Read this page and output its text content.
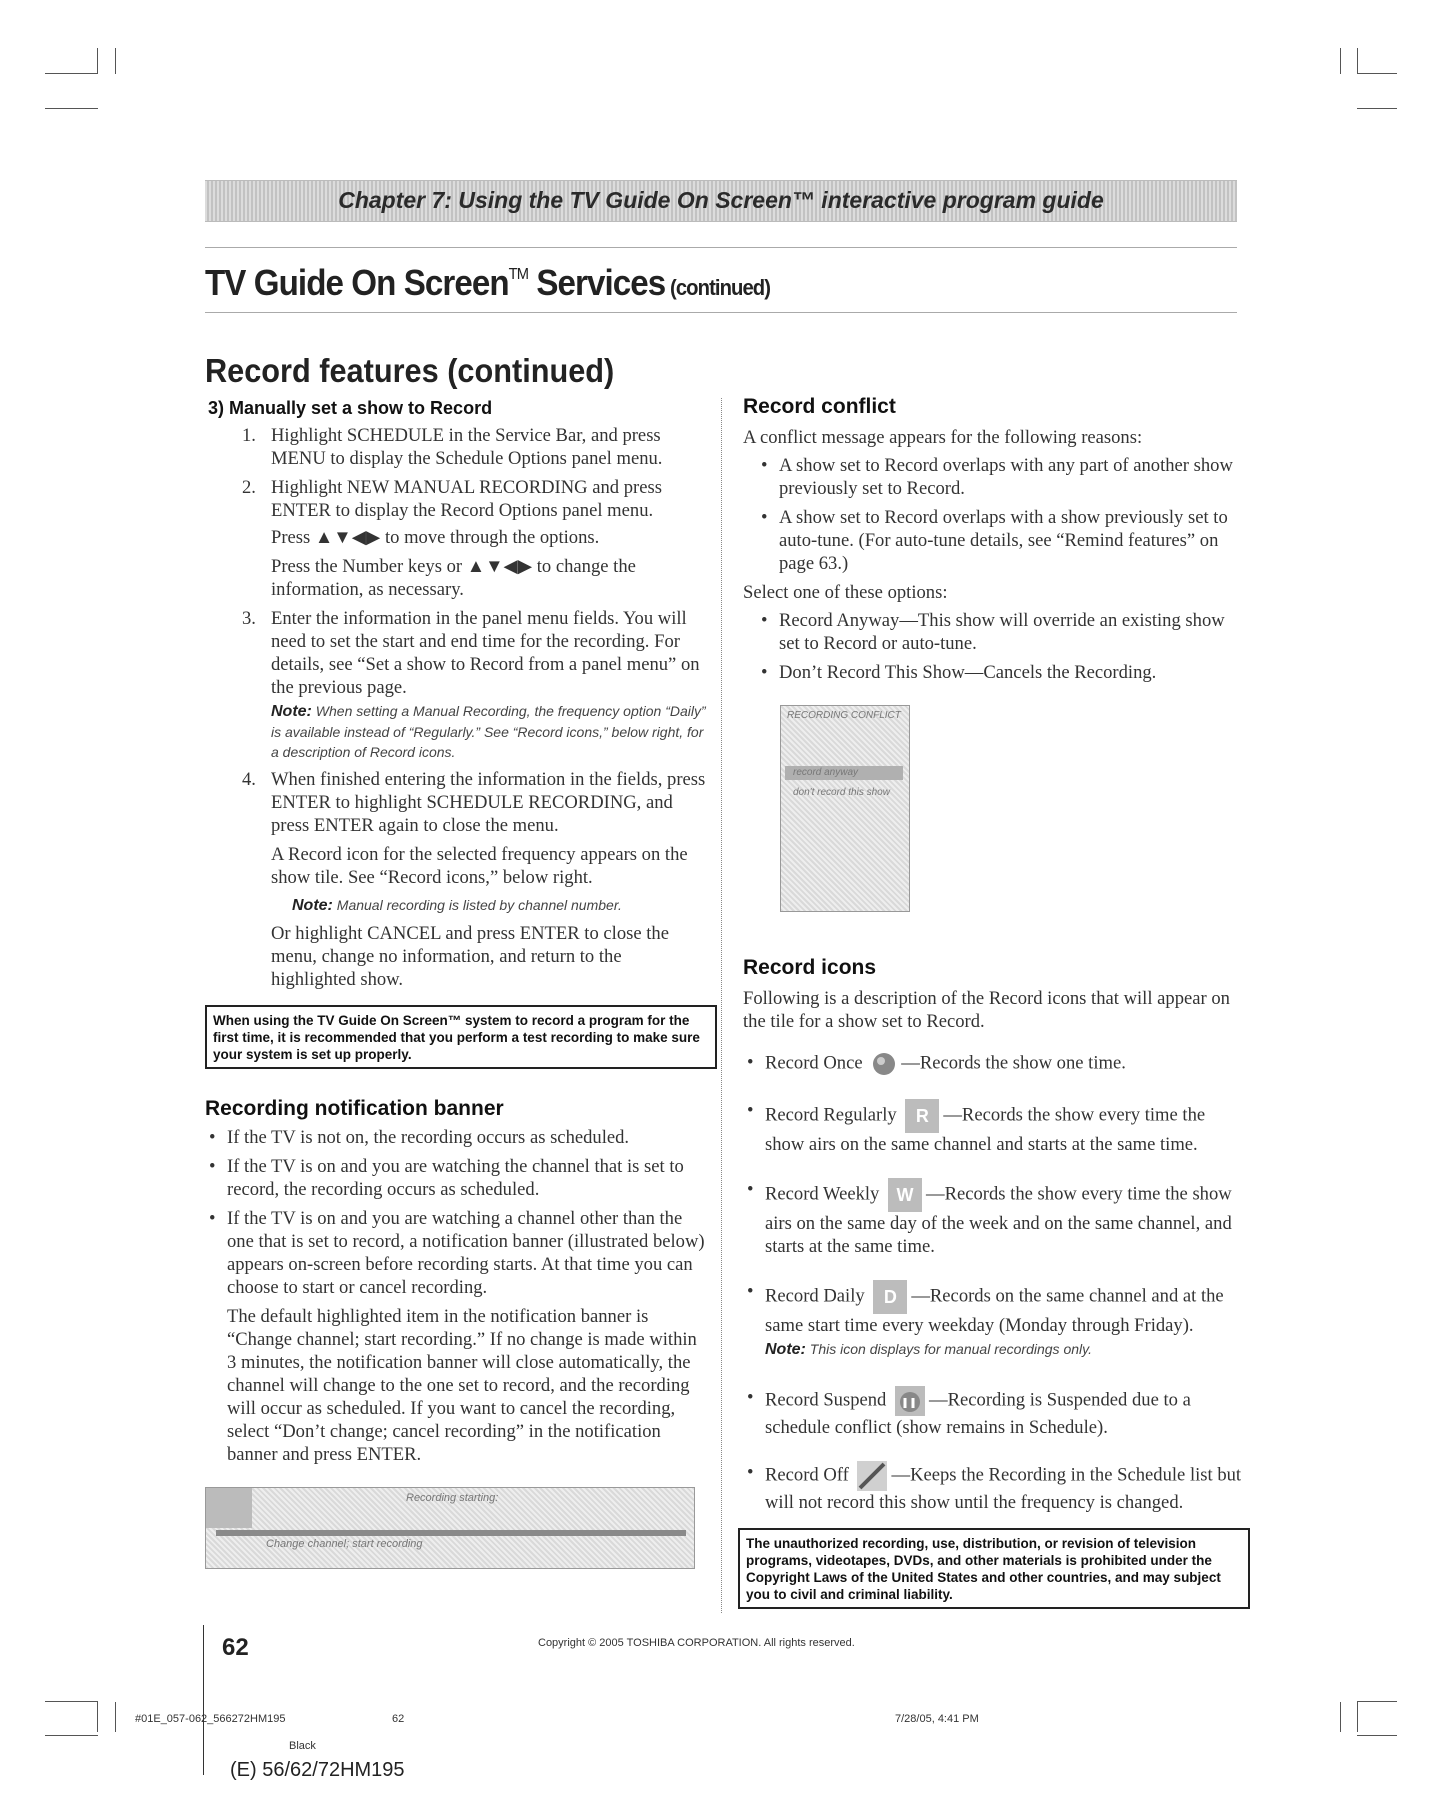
Chapter 7: Using the TV Guide On Screen™ interactive program guide
TV Guide On Screen™ Services (continued)
Record features (continued)

3) Manually set a show to Record

1. Highlight SCHEDULE in the Service Bar, and press MENU to display the Schedule Options panel menu.
2. Highlight NEW MANUAL RECORDING and press ENTER to display the Record Options panel menu.

Press ▲▼◀▶ to move through the options.

Press the Number keys or ▲▼◀▶ to change the information, as necessary.

3. Enter the information in the panel menu fields. You will need to set the start and end time for the recording. For details, see “Set a show to Record from a panel menu” on the previous page.

Note: When setting a Manual Recording, the frequency option “Daily” is available instead of “Regularly.” See “Record icons,” below right, for a description of Record icons.

4. When finished entering the information in the fields, press ENTER to highlight SCHEDULE RECORDING, and press ENTER again to close the menu.

A Record icon for the selected frequency appears on the show tile. See “Record icons,” below right.

Note: Manual recording is listed by channel number.

Or highlight CANCEL and press ENTER to close the menu, change no information, and return to the highlighted show.

When using the TV Guide On Screen™ system to record a program for the first time, it is recommended that you perform a test recording to make sure your system is set up properly.

Recording notification banner

• If the TV is not on, the recording occurs as scheduled.

• If the TV is on and you are watching the channel that is set to record, the recording occurs as scheduled.

• If the TV is on and you are watching a channel other than the one that is set to record, a notification banner (illustrated below) appears on-screen before recording starts. At that time you can choose to start or cancel recording.

The default highlighted item in the notification banner is “Change channel; start recording.” If no change is made within 3 minutes, the notification banner will close automatically, the channel will change to the one set to record, and the recording will occur as scheduled. If you want to cancel the recording, select “Don’t change; cancel recording” in the notification banner and press ENTER.

Recording starting:
Change channel; start recording

Record conflict

A conflict message appears for the following reasons:

• A show set to Record overlaps with any part of another show previously set to Record.

• A show set to Record overlaps with a show previously set to auto-tune. (For auto-tune details, see “Remind features” on page 63.)

Select one of these options:

• Record Anyway—This show will override an existing show set to Record or auto-tune.

• Don’t Record This Show—Cancels the Recording.

RECORDING CONFLICT
record anyway
don't record this show

Record icons

Following is a description of the Record icons that will appear on the tile for a show set to Record.

• Record Once —Records the show one time.

• Record Regularly R —Records the show every time the show airs on the same channel and starts at the same time.

• Record Weekly W —Records the show every time the show airs on the same day of the week and on the same channel, and starts at the same time.

• Record Daily D —Records on the same channel and at the same start time every weekday (Monday through Friday).

Note: This icon displays for manual recordings only.

• Record Suspend —Recording is Suspended due to a schedule conflict (show remains in Schedule).

• Record Off —Keeps the Recording in the Schedule list but will not record this show until the frequency is changed.

The unauthorized recording, use, distribution, or revision of television programs, videotapes, DVDs, and other materials is prohibited under the Copyright Laws of the United States and other countries, and may subject you to civil and criminal liability.
62	Copyright © 2005 TOSHIBA CORPORATION. All rights reserved.
#01E_057-062_566272HM195	62	7/28/05, 4:41 PM
Black
(E) 56/62/72HM195
